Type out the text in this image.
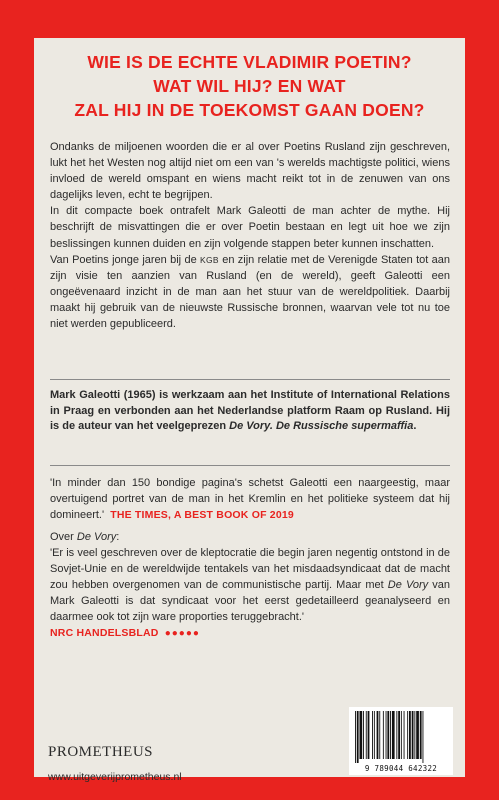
WIE IS DE ECHTE VLADIMIR POETIN?
WAT WIL HIJ? EN WAT
ZAL HIJ IN DE TOEKOMST GAAN DOEN?

Ondanks de miljoenen woorden die er al over Poetins Rusland zijn geschreven, lukt het het Westen nog altijd niet om een van 's werelds machtigste politici, wiens invloed de wereld omspant en wiens macht reikt tot in de zenuwen van ons dagelijks leven, echt te begrijpen.

In dit compacte boek ontrafelt Mark Galeotti de man achter de mythe. Hij beschrijft de misvattingen die er over Poetin bestaan en legt uit hoe we zijn beslissingen kunnen duiden en zijn volgende stappen beter kunnen inschatten.

Van Poetins jonge jaren bij de KGB en zijn relatie met de Verenigde Staten tot aan zijn visie ten aanzien van Rusland (en de wereld), geeft Galeotti een ongeëvenaard inzicht in de man aan het stuur van de wereldpolitiek. Daarbij maakt hij gebruik van de nieuwste Russische bronnen, waarvan vele tot nu toe niet werden gepubliceerd.

Mark Galeotti (1965) is werkzaam aan het Institute of International Relations in Praag en verbonden aan het Nederlandse platform Raam op Rusland. Hij is de auteur van het veelgeprezen De Vory. De Russische supermaffia.

'In minder dan 150 bondige pagina's schetst Galeotti een naargeestig, maar overtuigend portret van de man in het Kremlin en het politieke systeem dat hij domineert.' THE TIMES, A BEST BOOK OF 2019

Over De Vory:

'Er is veel geschreven over de kleptocratie die begin jaren negentig ontstond in de Sovjet-Unie en de wereldwijde tentakels van het misdaadsyndicaat dat de macht zou hebben overgenomen van de communistische partij. Maar met De Vory van Mark Galeotti is dat syndicaat voor het eerst gedetailleerd geanalyseerd en daarmee ook tot zijn ware proporties teruggebracht.'

NRC HANDELSBLAD ●●●●●

PROMETHEUS
www.uitgeverijprometheus.nl
9 789044 642322
